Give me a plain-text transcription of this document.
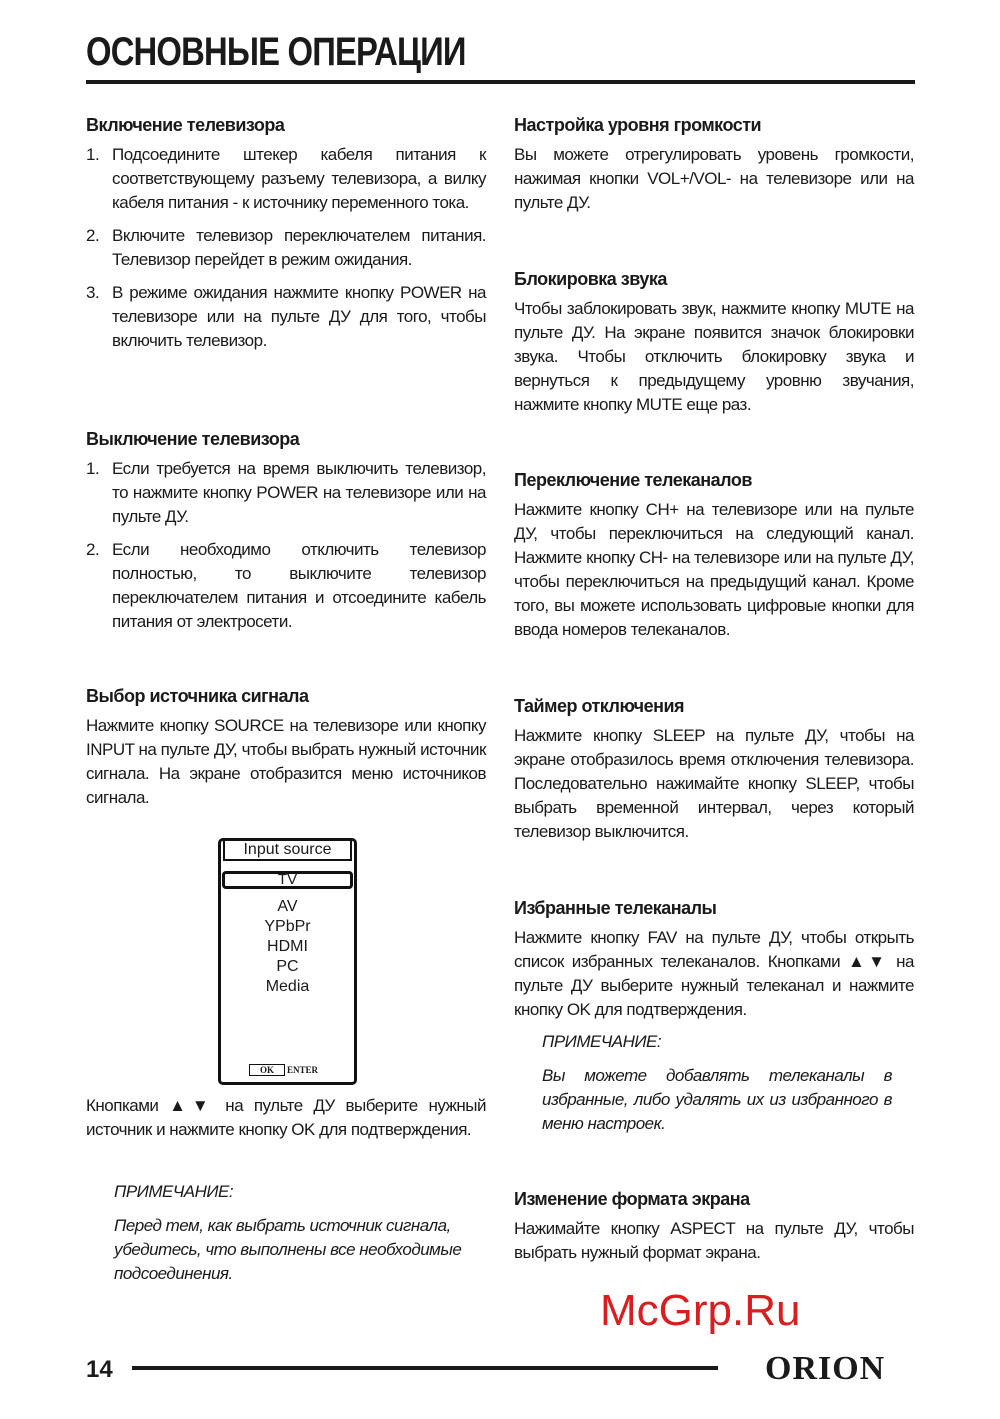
ОСНОВНЫЕ ОПЕРАЦИИ
Включение телевизора
1. Подсоедините штекер кабеля питания к соответствующему разъему телевизора, а вилку кабеля питания - к источнику переменного тока.
2. Включите телевизор переключателем питания. Телевизор перейдет в режим ожидания.
3. В режиме ожидания нажмите кнопку POWER на телевизоре или на пульте ДУ для того, чтобы включить телевизор.
Выключение телевизора
1. Если требуется на время выключить телевизор, то нажмите кнопку POWER на телевизоре или на пульте ДУ.
2. Если необходимо отключить телевизор полностью, то выключите телевизор переключателем питания и отсоедините кабель питания от электросети.
Выбор источника сигнала

Нажмите кнопку SOURCE на телевизоре или кнопку INPUT на пульте ДУ, чтобы выбрать нужный источник сигнала. На экране отобразится меню источников сигнала.

Input source
TV
AV
YPbPr
HDMI
PC
Media
OK ENTER

Кнопками ▲▼ на пульте ДУ выберите нужный источник и нажмите кнопку OK для подтверждения.

ПРИМЕЧАНИЕ:

Перед тем, как выбрать источник сигнала, убедитесь, что выполнены все необходимые подсоединения.

Настройка уровня громкости

Вы можете отрегулировать уровень громкости, нажимая кнопки VOL+/VOL- на телевизоре или на пульте ДУ.

Блокировка звука

Чтобы заблокировать звук, нажмите кнопку MUTE на пульте ДУ. На экране появится значок блокировки звука. Чтобы отключить блокировку звука и вернуться к предыдущему уровню звучания, нажмите кнопку MUTE еще раз.

Переключение телеканалов

Нажмите кнопку CH+ на телевизоре или на пульте ДУ, чтобы переключиться на следующий канал. Нажмите кнопку CH- на телевизоре или на пульте ДУ, чтобы переключиться на предыдущий канал. Кроме того, вы можете использовать цифровые кнопки для ввода номеров телеканалов.

Таймер отключения

Нажмите кнопку SLEEP на пульте ДУ, чтобы на экране отобразилось время отключения телевизора. Последовательно нажимайте кнопку SLEEP, чтобы выбрать временной интервал, через который телевизор выключится.

Избранные телеканалы

Нажмите кнопку FAV на пульте ДУ, чтобы открыть список избранных телеканалов. Кнопками ▲▼ на пульте ДУ выберите нужный телеканал и нажмите кнопку OK для подтверждения.

ПРИМЕЧАНИЕ:

Вы можете добавлять телеканалы в избранные, либо удалять их из избранного в меню настроек.

Изменение формата экрана

Нажимайте кнопку ASPECT на пульте ДУ, чтобы выбрать нужный формат экрана.

McGrp.Ru
14	ORION
